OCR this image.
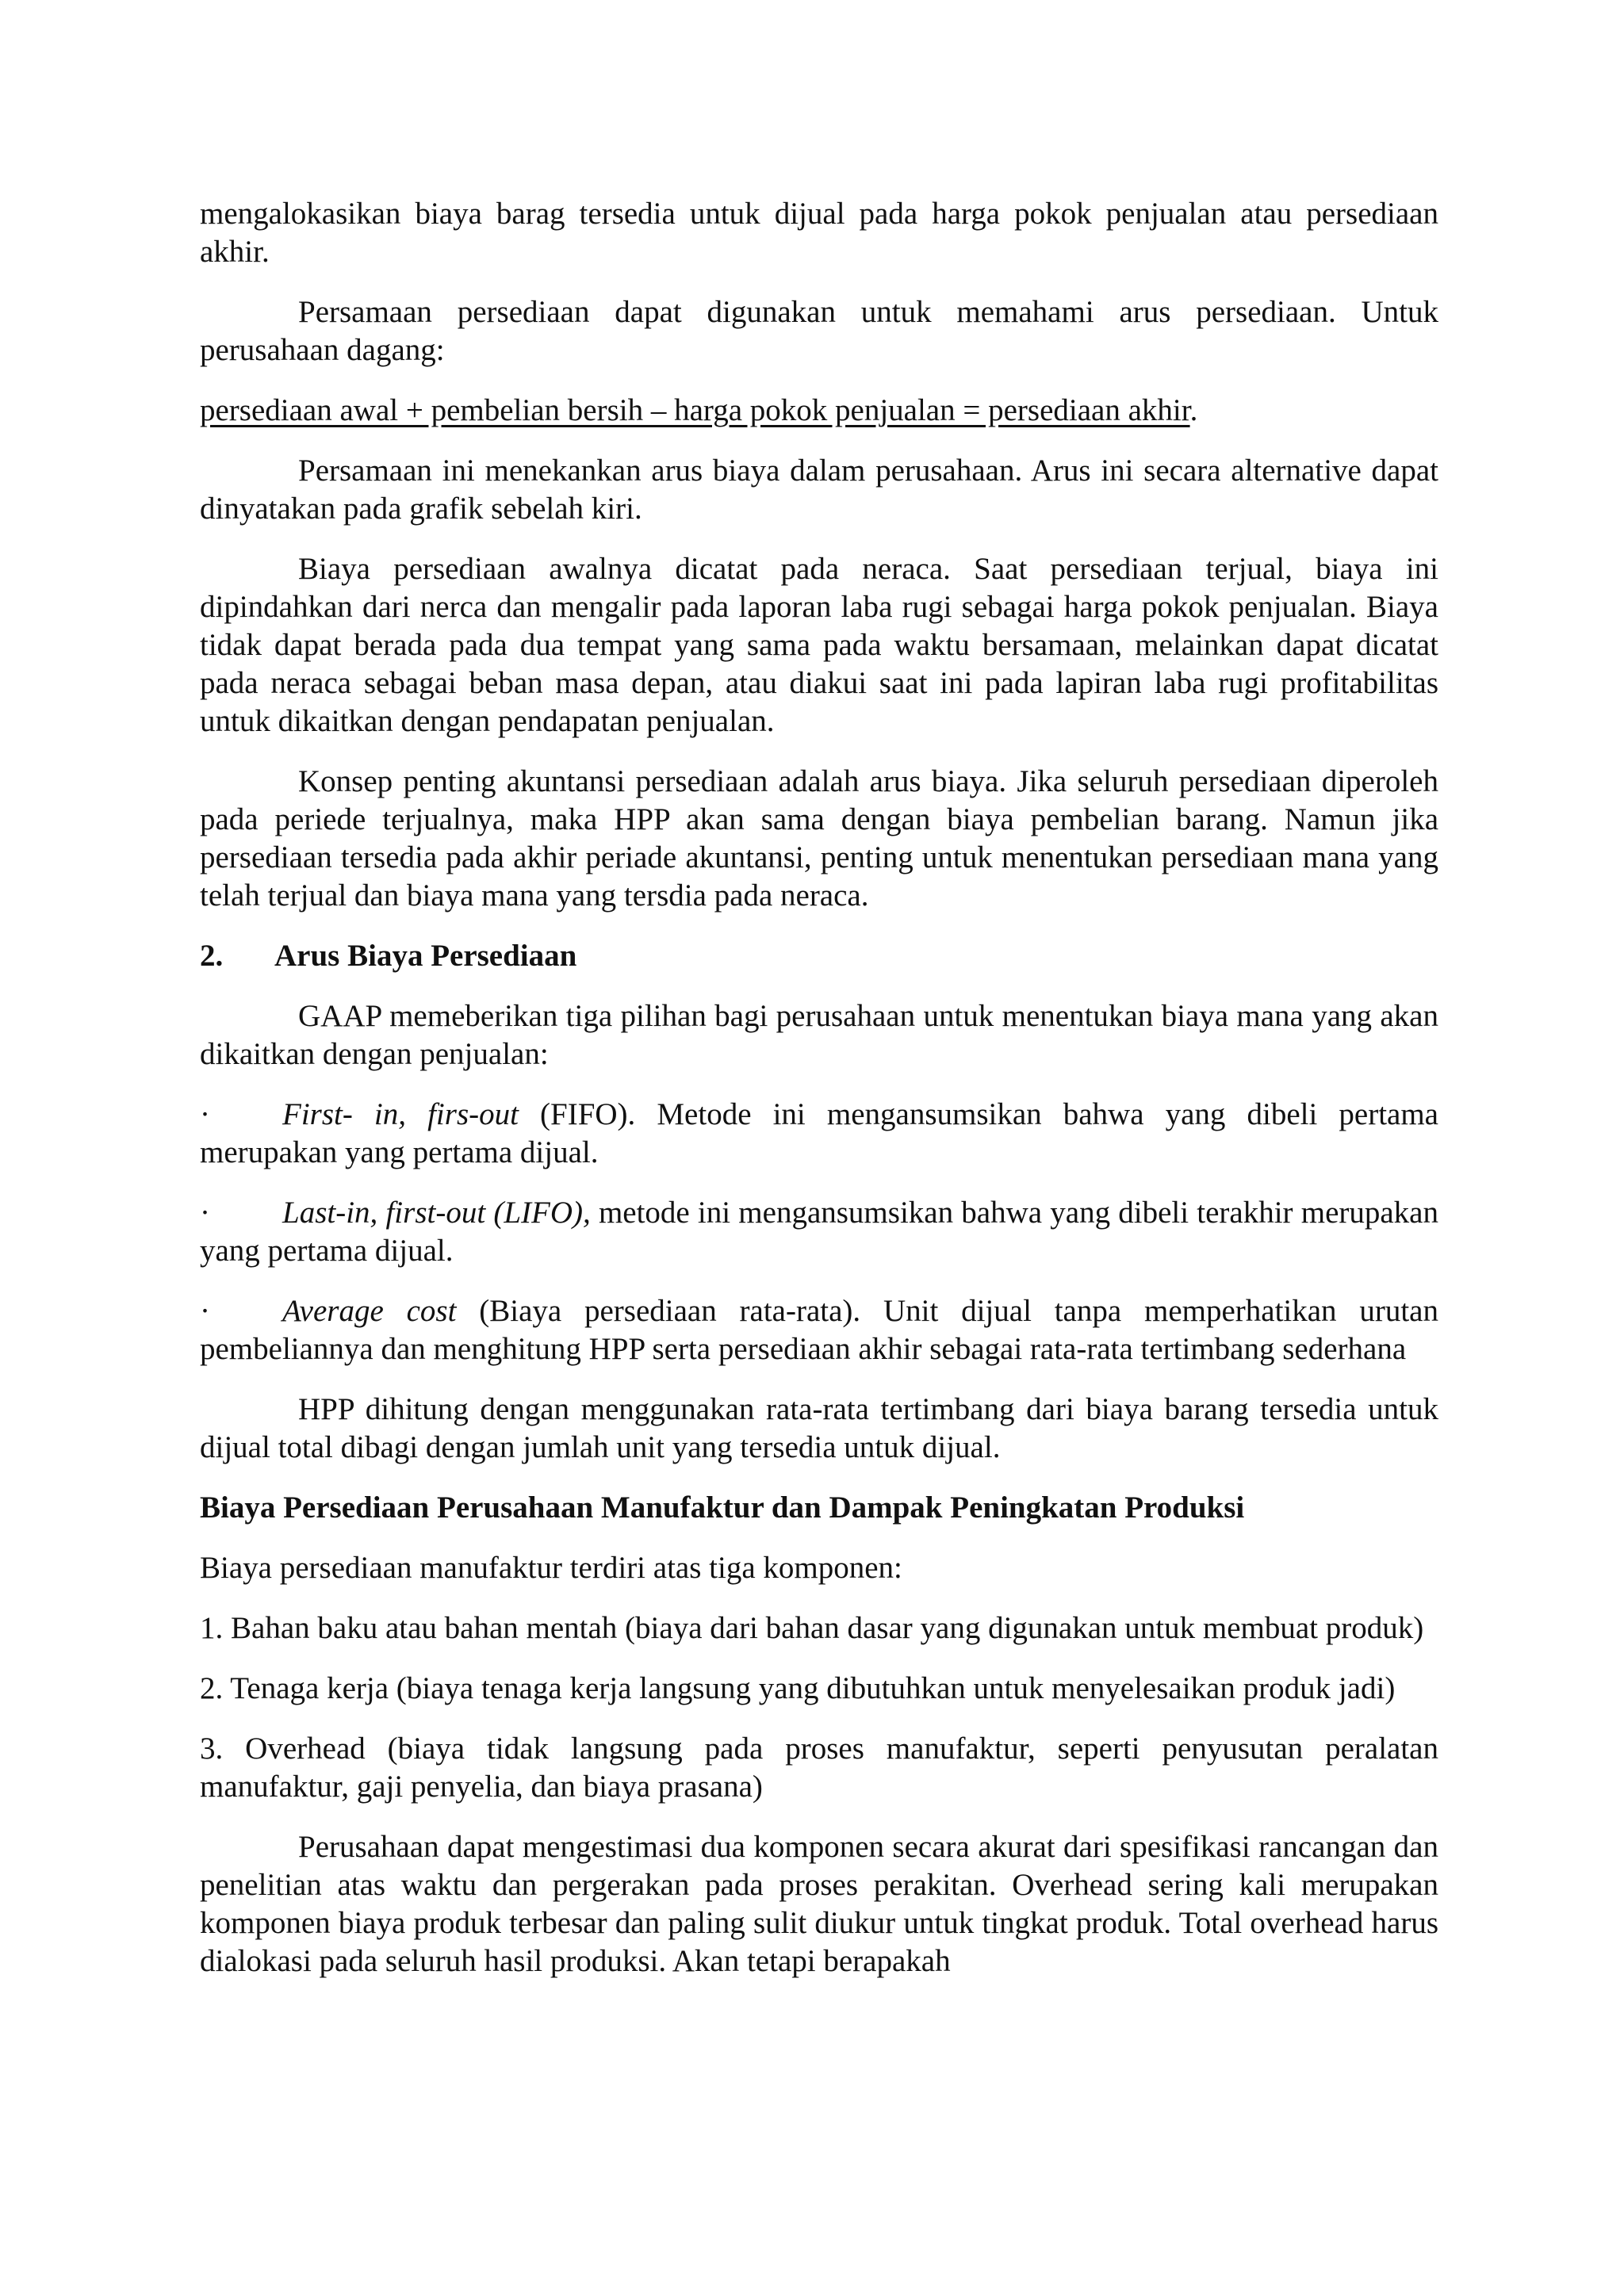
mengalokasikan biaya barag tersedia untuk dijual pada harga pokok penjualan atau persediaan akhir.

Persamaan persediaan dapat digunakan untuk memahami arus persediaan. Untuk perusahaan dagang:

persediaan awal + pembelian bersih – harga pokok penjualan = persediaan akhir.

Persamaan ini menekankan arus biaya dalam perusahaan. Arus ini secara alternative dapat dinyatakan pada grafik sebelah kiri.

Biaya persediaan awalnya dicatat pada neraca. Saat persediaan terjual, biaya ini dipindahkan dari nerca dan mengalir pada laporan laba rugi sebagai harga pokok penjualan. Biaya tidak dapat berada pada dua tempat yang sama pada waktu bersamaan, melainkan dapat dicatat pada neraca sebagai beban masa depan, atau diakui saat ini pada lapiran laba rugi profitabilitas untuk dikaitkan dengan pendapatan penjualan.

Konsep penting akuntansi persediaan adalah arus biaya. Jika seluruh persediaan diperoleh pada periede terjualnya, maka HPP akan sama dengan biaya pembelian barang. Namun jika persediaan tersedia pada akhir periade akuntansi, penting untuk menentukan persediaan mana yang telah terjual dan biaya mana yang tersdia pada neraca.

2.	Arus Biaya Persediaan

GAAP memeberikan tiga pilihan bagi perusahaan untuk menentukan biaya mana yang akan dikaitkan dengan penjualan:

· First- in, firs-out (FIFO). Metode ini mengansumsikan bahwa yang dibeli pertama merupakan yang pertama dijual.

· Last-in, first-out (LIFO), metode ini mengansumsikan bahwa yang dibeli terakhir merupakan yang pertama dijual.

· Average cost (Biaya persediaan rata-rata). Unit dijual tanpa memperhatikan urutan pembeliannya dan menghitung HPP serta persediaan akhir sebagai rata-rata tertimbang sederhana

HPP dihitung dengan menggunakan rata-rata tertimbang dari biaya barang tersedia untuk dijual total dibagi dengan jumlah unit yang tersedia untuk dijual.

Biaya Persediaan Perusahaan Manufaktur dan Dampak Peningkatan Produksi

Biaya persediaan manufaktur terdiri atas tiga komponen:

1. Bahan baku atau bahan mentah (biaya dari bahan dasar yang digunakan untuk membuat produk)

2. Tenaga kerja (biaya tenaga kerja langsung yang dibutuhkan untuk menyelesaikan produk jadi)

3. Overhead (biaya tidak langsung pada proses manufaktur, seperti penyusutan peralatan manufaktur, gaji penyelia, dan biaya prasana)

Perusahaan dapat mengestimasi dua komponen secara akurat dari spesifikasi rancangan dan penelitian atas waktu dan pergerakan pada proses perakitan. Overhead sering kali merupakan komponen biaya produk terbesar dan paling sulit diukur untuk tingkat produk. Total overhead harus dialokasi pada seluruh hasil produksi. Akan tetapi berapakah
